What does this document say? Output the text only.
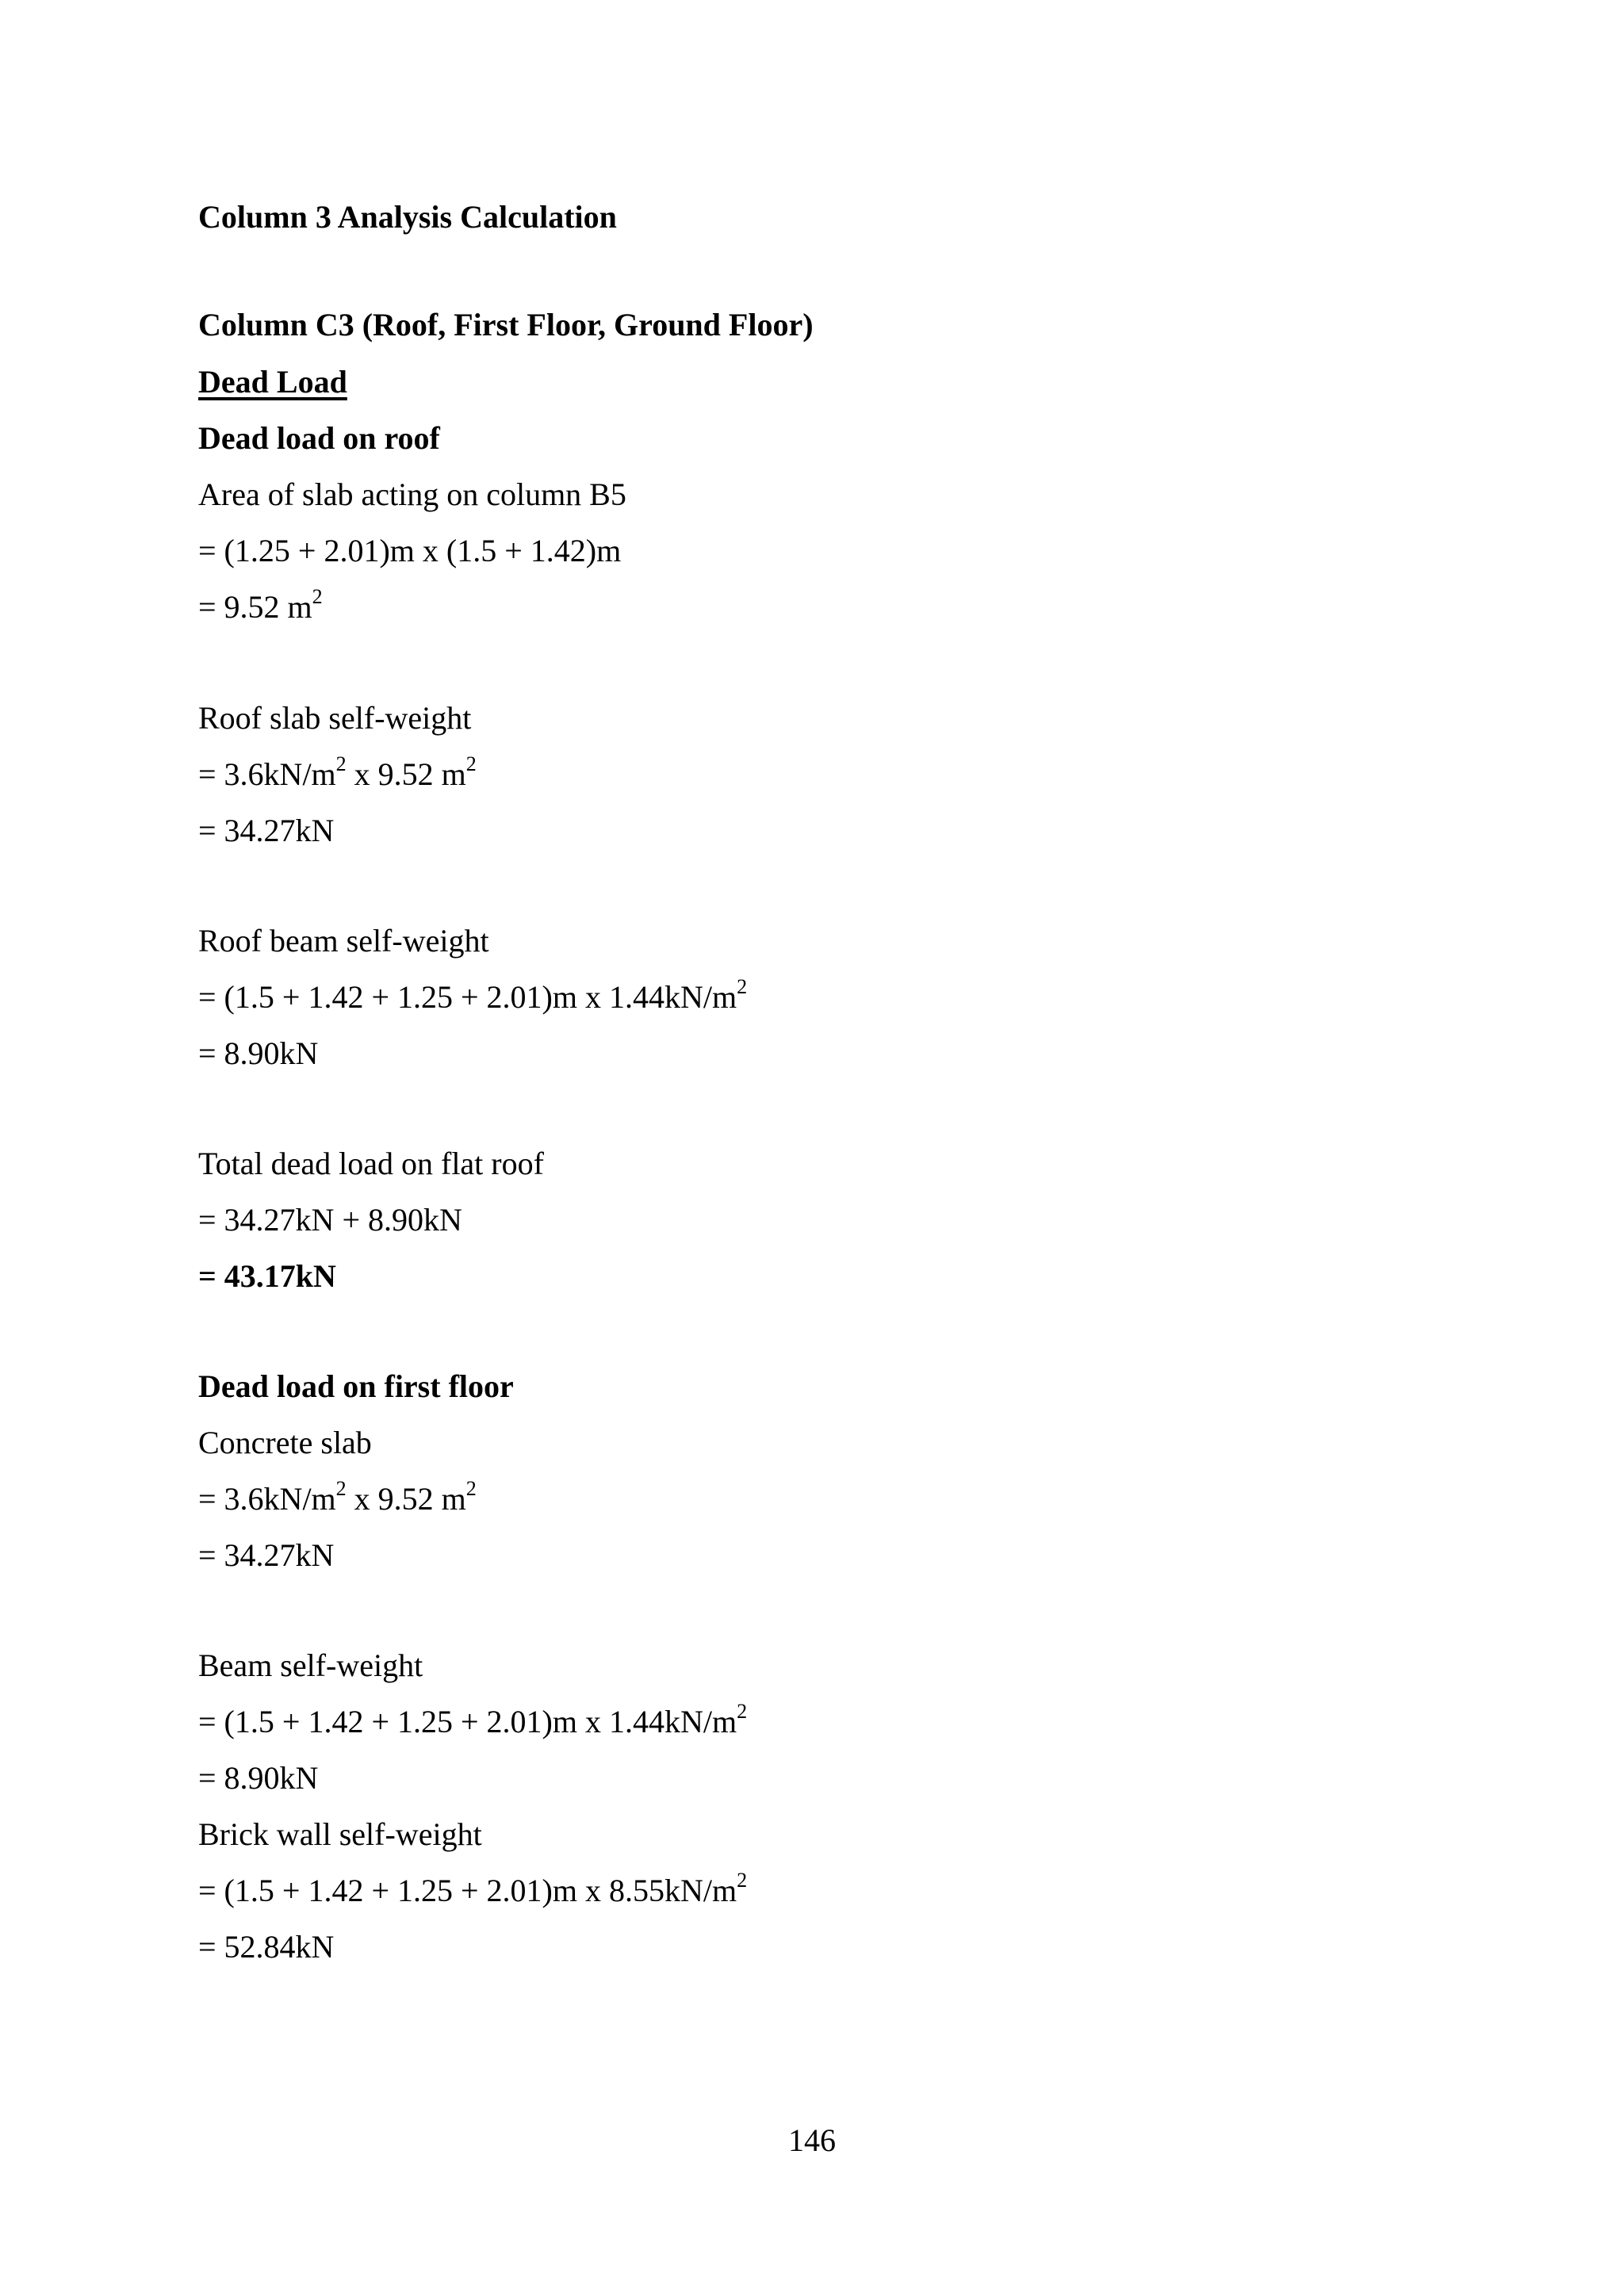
Column 3 Analysis Calculation
Column C3 (Roof, First Floor, Ground Floor)
Dead Load
Dead load on roof
Area of slab acting on column B5
= (1.25 + 2.01)m x (1.5 + 1.42)m
= 9.52 $m^2$
Roof slab self-weight
= $3.6kN/m^2$ x 9.52 $m^2$
= 34.27kN
Roof beam self-weight
= (1.5 + 1.42 + 1.25 + 2.01)m x $1.44kN/m^2$
= 8.90kN
Total dead load on flat roof
= 34.27kN + 8.90kN
= 43.17kN
Dead load on first floor
Concrete slab
= $3.6kN/m^2$ x 9.52 $m^2$
= 34.27kN
Beam self-weight
= (1.5 + 1.42 + 1.25 + 2.01)m x $1.44kN/m^2$
= 8.90kN
Brick wall self-weight
= (1.5 + 1.42 + 1.25 + 2.01)m x $8.55kN/m^2$
= 52.84kN
146
